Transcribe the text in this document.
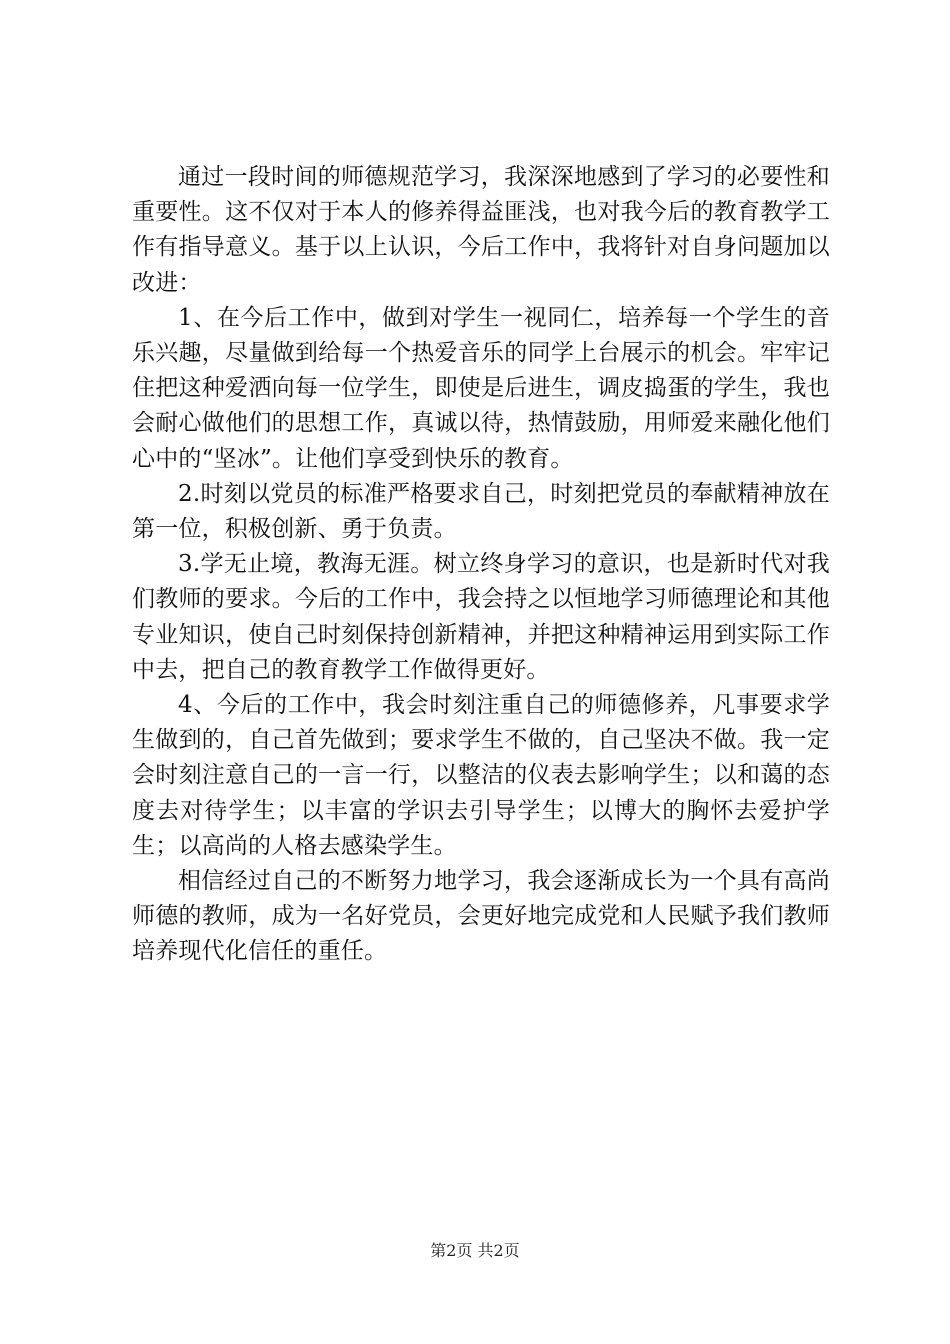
通过一段时间的师德规范学习，我深深地感到了学习的必要性和重要性。这不仅对于本人的修养得益匪浅，也对我今后的教育教学工作有指导意义。基于以上认识，今后工作中，我将针对自身问题加以改进：

1、在今后工作中，做到对学生一视同仁，培养每一个学生的音乐兴趣，尽量做到给每一个热爱音乐的同学上台展示的机会。牢牢记住把这种爱洒向每一位学生，即使是后进生，调皮捣蛋的学生，我也会耐心做他们的思想工作，真诚以待，热情鼓励，用师爱来融化他们心中的“坚冰”。让他们享受到快乐的教育。

2.时刻以党员的标准严格要求自己，时刻把党员的奉献精神放在第一位，积极创新、勇于负责。

3.学无止境，教海无涯。树立终身学习的意识，也是新时代对我们教师的要求。今后的工作中，我会持之以恒地学习师德理论和其他专业知识，使自己时刻保持创新精神，并把这种精神运用到实际工作中去，把自己的教育教学工作做得更好。

4、今后的工作中，我会时刻注重自己的师德修养，凡事要求学生做到的，自己首先做到；要求学生不做的，自己坚决不做。我一定会时刻注意自己的一言一行，以整洁的仪表去影响学生；以和蔼的态度去对待学生；以丰富的学识去引导学生；以博大的胸怀去爱护学生；以高尚的人格去感染学生。

相信经过自己的不断努力地学习，我会逐渐成长为一个具有高尚师德的教师，成为一名好党员，会更好地完成党和人民赋予我们教师培养现代化信任的重任。

第2页 共2页
